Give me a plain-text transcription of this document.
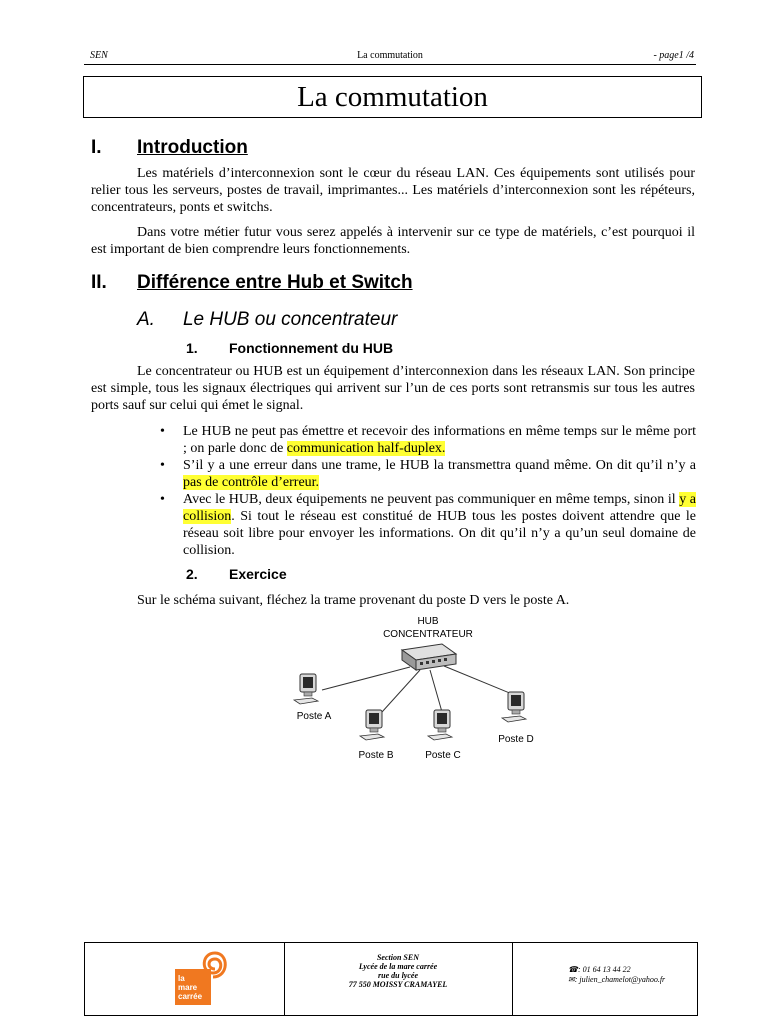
SEN	La commutation	- page1 /4
La commutation
I. Introduction

Les matériels d’interconnexion sont le cœur du réseau LAN. Ces équipements sont utilisés pour relier tous les serveurs, postes de travail, imprimantes... Les matériels d’interconnexion sont les répéteurs, concentrateurs, ponts et switchs.

Dans votre métier futur vous serez appelés à intervenir sur ce type de matériels, c’est pourquoi il est important de bien comprendre leurs fonctionnements.

II. Différence entre Hub et Switch
A. Le HUB ou concentrateur
1. Fonctionnement du HUB

Le concentrateur ou HUB est un équipement d’interconnexion dans les réseaux LAN. Son principe est simple, tous les signaux électriques qui arrivent sur l’un de ces ports sont retransmis sur tous les autres ports sauf sur celui qui émet le signal.

• Le HUB ne peut pas émettre et recevoir des informations en même temps sur le même port ; on parle donc de communication half-duplex.
• S’il y a une erreur dans une trame, le HUB la transmettra quand même. On dit qu’il n’y a pas de contrôle d’erreur.
• Avec le HUB, deux équipements ne peuvent pas communiquer en même temps, sinon il y a collision. Si tout le réseau est constitué de HUB tous les postes doivent attendre que le réseau soit libre pour envoyer les informations. On dit qu’il n’y a qu’un seul domaine de collision.
2. Exercice

Sur le schéma suivant, fléchez la trame provenant du poste D vers le poste A.

HUB
CONCENTRATEUR
Poste A
Poste B	Poste C
Poste D
la mare carrée
Section SEN
Lycée de la mare carrée
rue du lycée
77 550 MOISSY CRAMAYEL
☎: 01 64 13 44 22
✉: julien_chamelot@yahoo.fr
